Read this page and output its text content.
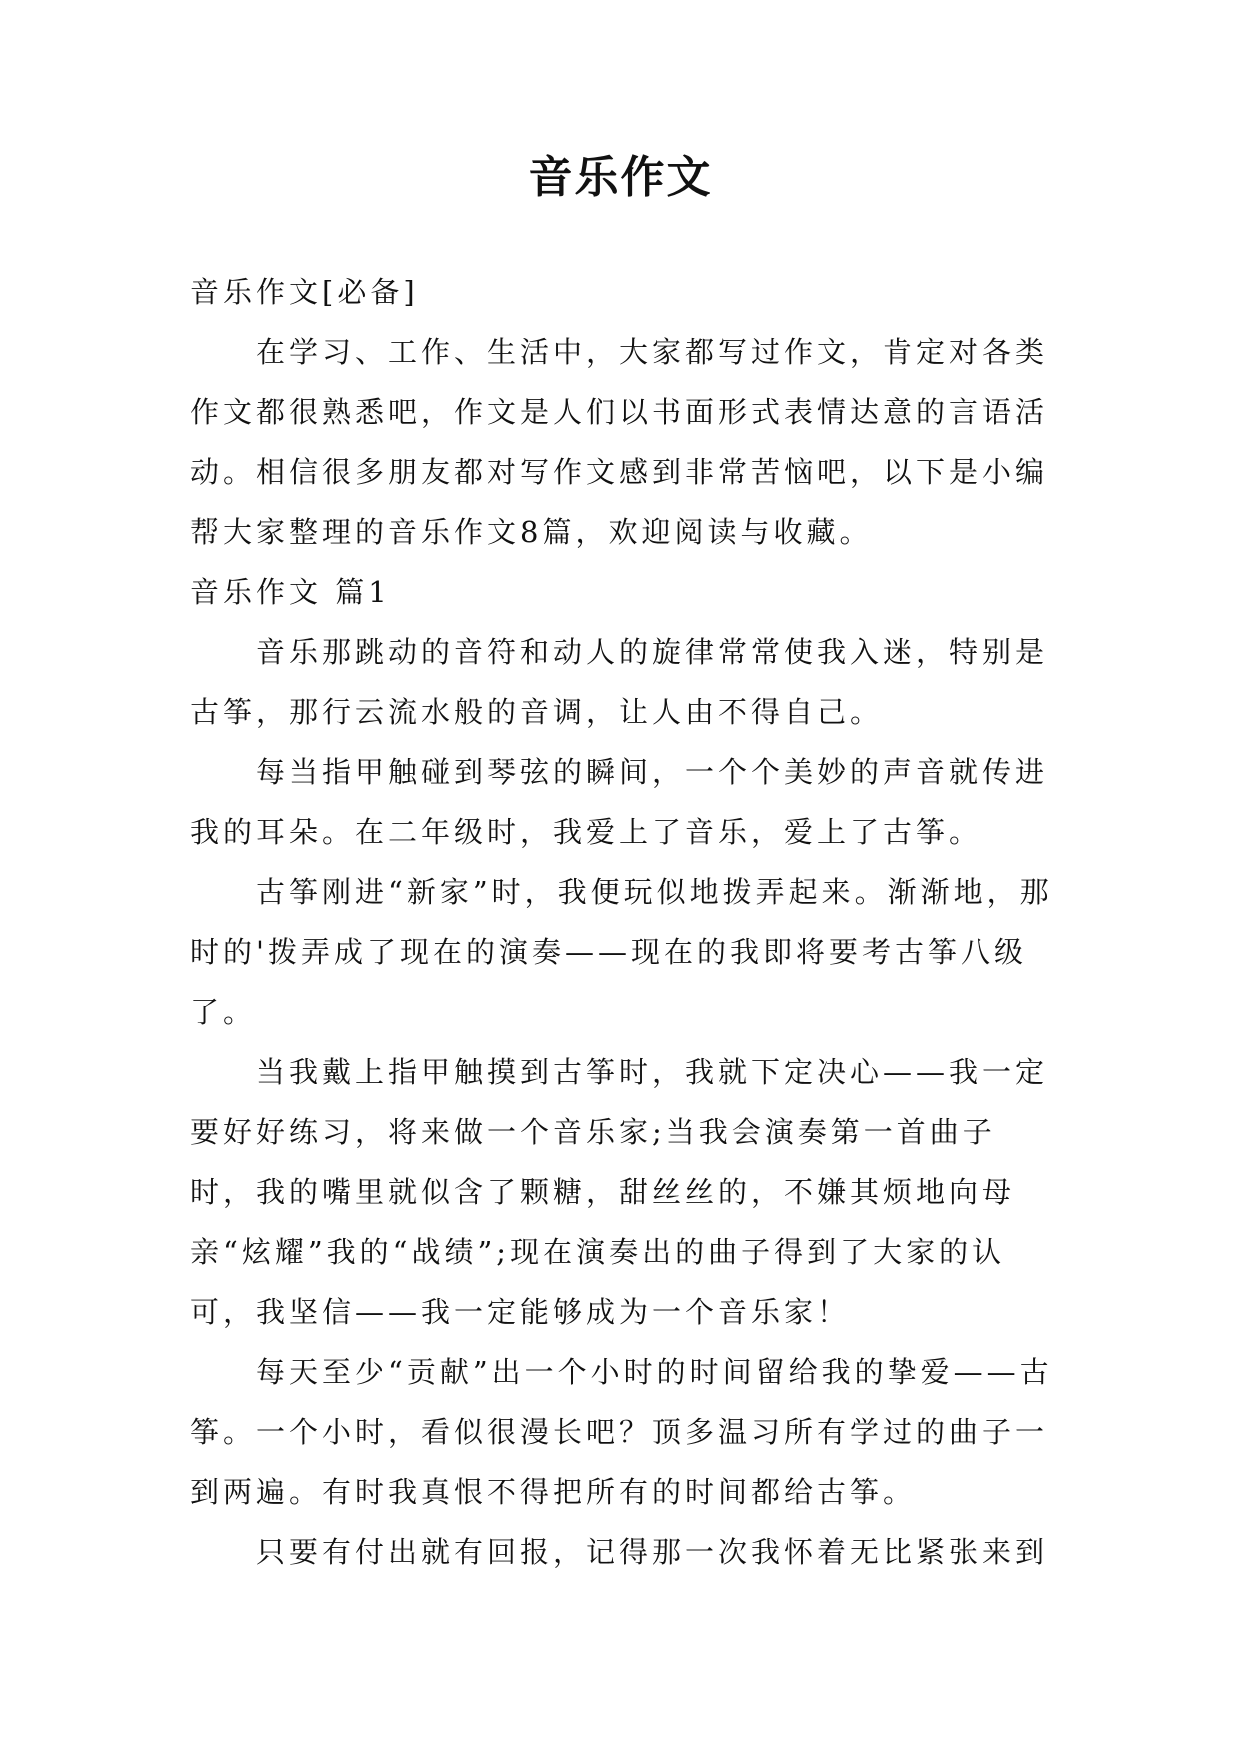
音乐作文

音乐作文[必备]

在学习、工作、生活中，大家都写过作文，肯定对各类作文都很熟悉吧，作文是人们以书面形式表情达意的言语活动。相信很多朋友都对写作文感到非常苦恼吧，以下是小编帮大家整理的音乐作文8篇，欢迎阅读与收藏。

音乐作文 篇1

音乐那跳动的音符和动人的旋律常常使我入迷，特别是古筝，那行云流水般的音调，让人由不得自己。

每当指甲触碰到琴弦的瞬间，一个个美妙的声音就传进我的耳朵。在二年级时，我爱上了音乐，爱上了古筝。

古筝刚进“新家”时，我便玩似地拨弄起来。渐渐地，那时的'拨弄成了现在的演奏——现在的我即将要考古筝八级了。

当我戴上指甲触摸到古筝时，我就下定决心——我一定要好好练习，将来做一个音乐家;当我会演奏第一首曲子时，我的嘴里就似含了颗糖，甜丝丝的，不嫌其烦地向母亲“炫耀”我的“战绩”;现在演奏出的曲子得到了大家的认可，我坚信——我一定能够成为一个音乐家！

每天至少“贡献”出一个小时的时间留给我的挚爱——古筝。一个小时，看似很漫长吧？顶多温习所有学过的曲子一到两遍。有时我真恨不得把所有的时间都给古筝。

只要有付出就有回报，记得那一次我怀着无比紧张来到
